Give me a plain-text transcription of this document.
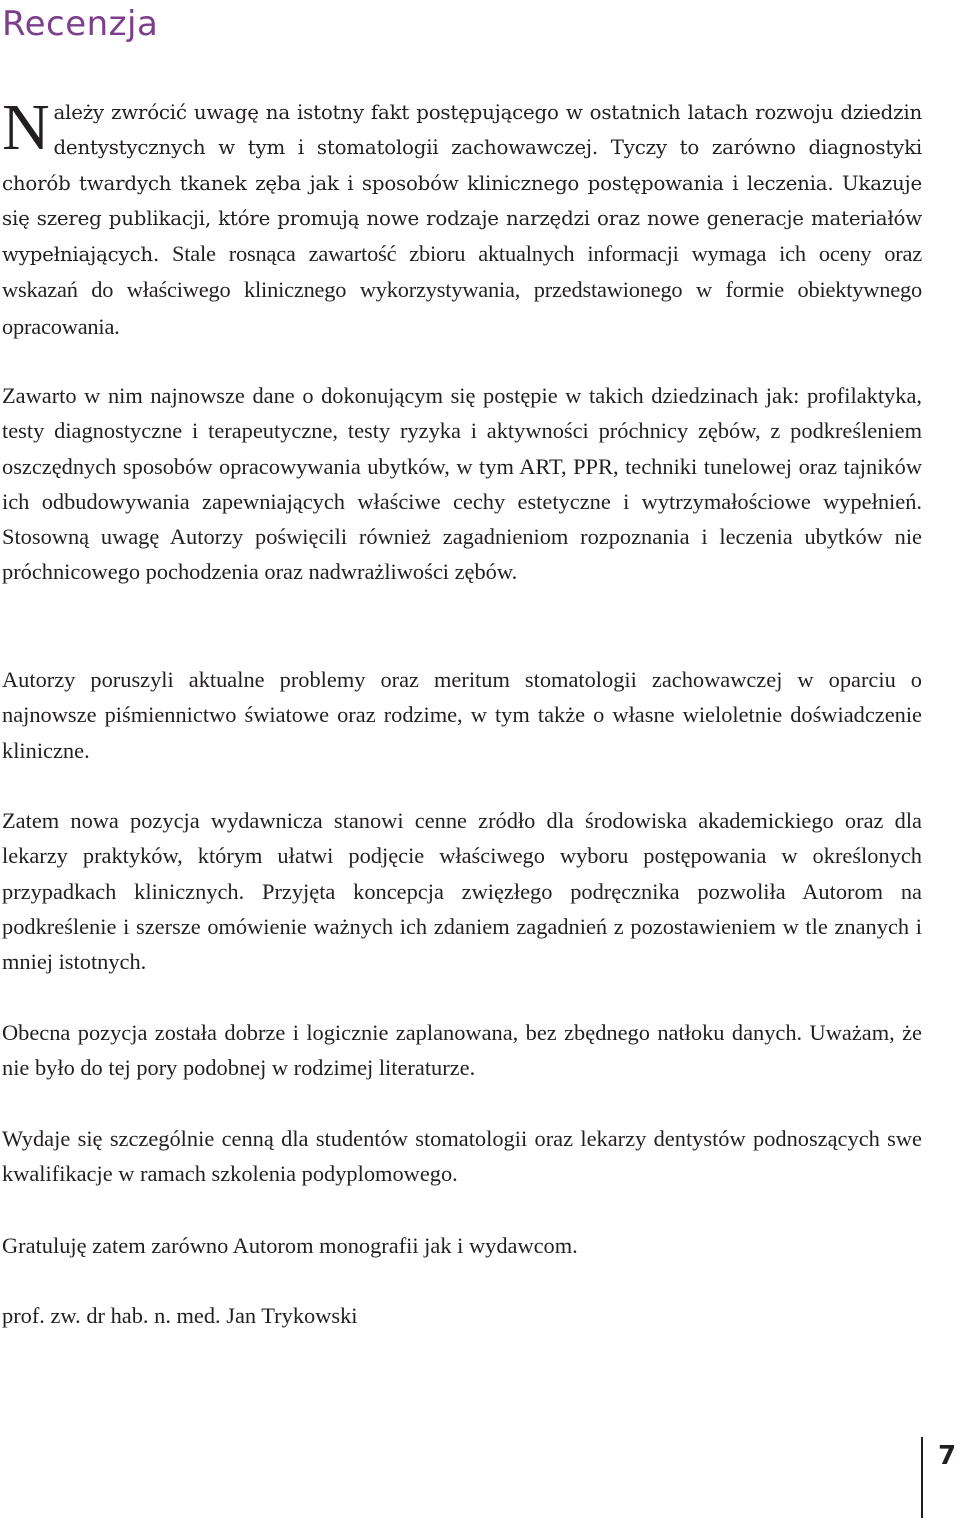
Recenzja

Należy zwrócić uwagę na istotny fakt postępującego w ostatnich latach rozwoju dziedzin dentystycznych w tym i stomatologii zachowawczej. Tyczy to zarówno diagnostyki chorób twardych tkanek zęba jak i sposobów klinicznego postępowania i leczenia. Ukazuje się szereg publikacji, które promują nowe rodzaje narzędzi oraz nowe generacje materiałów wypełniających. Stale rosnąca zawartość zbioru aktualnych informacji wymaga ich oceny oraz wskazań do właściwego klinicznego wykorzystywania, przedstawionego w formie obiektywnego opracowania.

Zawarto w nim najnowsze dane o dokonującym się postępie w takich dziedzinach jak: profilaktyka, testy diagnostyczne i terapeutyczne, testy ryzyka i aktywności próchnicy zębów, z podkreśleniem oszczędnych sposobów opracowywania ubytków, w tym ART, PPR, techniki tunelowej oraz tajników ich odbudowywania zapewniających właściwe cechy estetyczne i wytrzymałościowe wypełnień. Stosowną uwagę Autorzy poświęcili również zagadnieniom rozpoznania i leczenia ubytków nie próchnicowego pochodzenia oraz nadwrażliwości zębów.

Autorzy poruszyli aktualne problemy oraz meritum stomatologii zachowawczej w oparciu o najnowsze piśmiennictwo światowe oraz rodzime, w tym także o własne wieloletnie doświadczenie kliniczne.

Zatem nowa pozycja wydawnicza stanowi cenne zródło dla środowiska akademickiego oraz dla lekarzy praktyków, którym ułatwi podjęcie właściwego wyboru postępowania w określonych przypadkach klinicznych. Przyjęta koncepcja zwięzłego podręcznika pozwoliła Autorom na podkreślenie i szersze omówienie ważnych ich zdaniem zagadnień z pozostawieniem w tle znanych i mniej istotnych.

Obecna pozycja została dobrze i logicznie zaplanowana, bez zbędnego natłoku danych. Uważam, że nie było do tej pory podobnej w rodzimej literaturze.

Wydaje się szczególnie cenną dla studentów stomatologii oraz lekarzy dentystów podnoszących swe kwalifikacje w ramach szkolenia podyplomowego.

Gratuluję zatem zarówno Autorom monografii jak i wydawcom.

prof. zw. dr hab. n. med. Jan Trykowski

7
